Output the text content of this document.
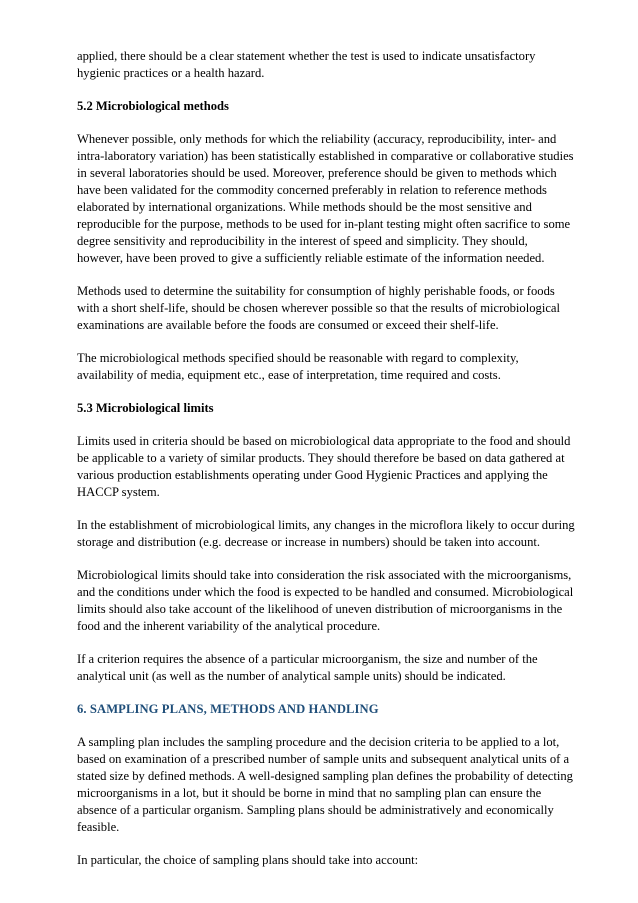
applied, there should be a clear statement whether the test is used to indicate unsatisfactory hygienic practices or a health hazard.

5.2 Microbiological methods

Whenever possible, only methods for which the reliability (accuracy, reproducibility, inter- and intra-laboratory variation) has been statistically established in comparative or collaborative studies in several laboratories should be used. Moreover, preference should be given to methods which have been validated for the commodity concerned preferably in relation to reference methods elaborated by international organizations. While methods should be the most sensitive and reproducible for the purpose, methods to be used for in-plant testing might often sacrifice to some degree sensitivity and reproducibility in the interest of speed and simplicity. They should, however, have been proved to give a sufficiently reliable estimate of the information needed.

Methods used to determine the suitability for consumption of highly perishable foods, or foods with a short shelf-life, should be chosen wherever possible so that the results of microbiological examinations are available before the foods are consumed or exceed their shelf-life.

The microbiological methods specified should be reasonable with regard to complexity, availability of media, equipment etc., ease of interpretation, time required and costs.

5.3 Microbiological limits

Limits used in criteria should be based on microbiological data appropriate to the food and should be applicable to a variety of similar products. They should therefore be based on data gathered at various production establishments operating under Good Hygienic Practices and applying the HACCP system.

In the establishment of microbiological limits, any changes in the microflora likely to occur during storage and distribution (e.g. decrease or increase in numbers) should be taken into account.

Microbiological limits should take into consideration the risk associated with the microorganisms, and the conditions under which the food is expected to be handled and consumed. Microbiological limits should also take account of the likelihood of uneven distribution of microorganisms in the food and the inherent variability of the analytical procedure.

If a criterion requires the absence of a particular microorganism, the size and number of the analytical unit (as well as the number of analytical sample units) should be indicated.

6. SAMPLING PLANS, METHODS AND HANDLING

A sampling plan includes the sampling procedure and the decision criteria to be applied to a lot, based on examination of a prescribed number of sample units and subsequent analytical units of a stated size by defined methods. A well-designed sampling plan defines the probability of detecting microorganisms in a lot, but it should be borne in mind that no sampling plan can ensure the absence of a particular organism. Sampling plans should be administratively and economically feasible.

In particular, the choice of sampling plans should take into account:
